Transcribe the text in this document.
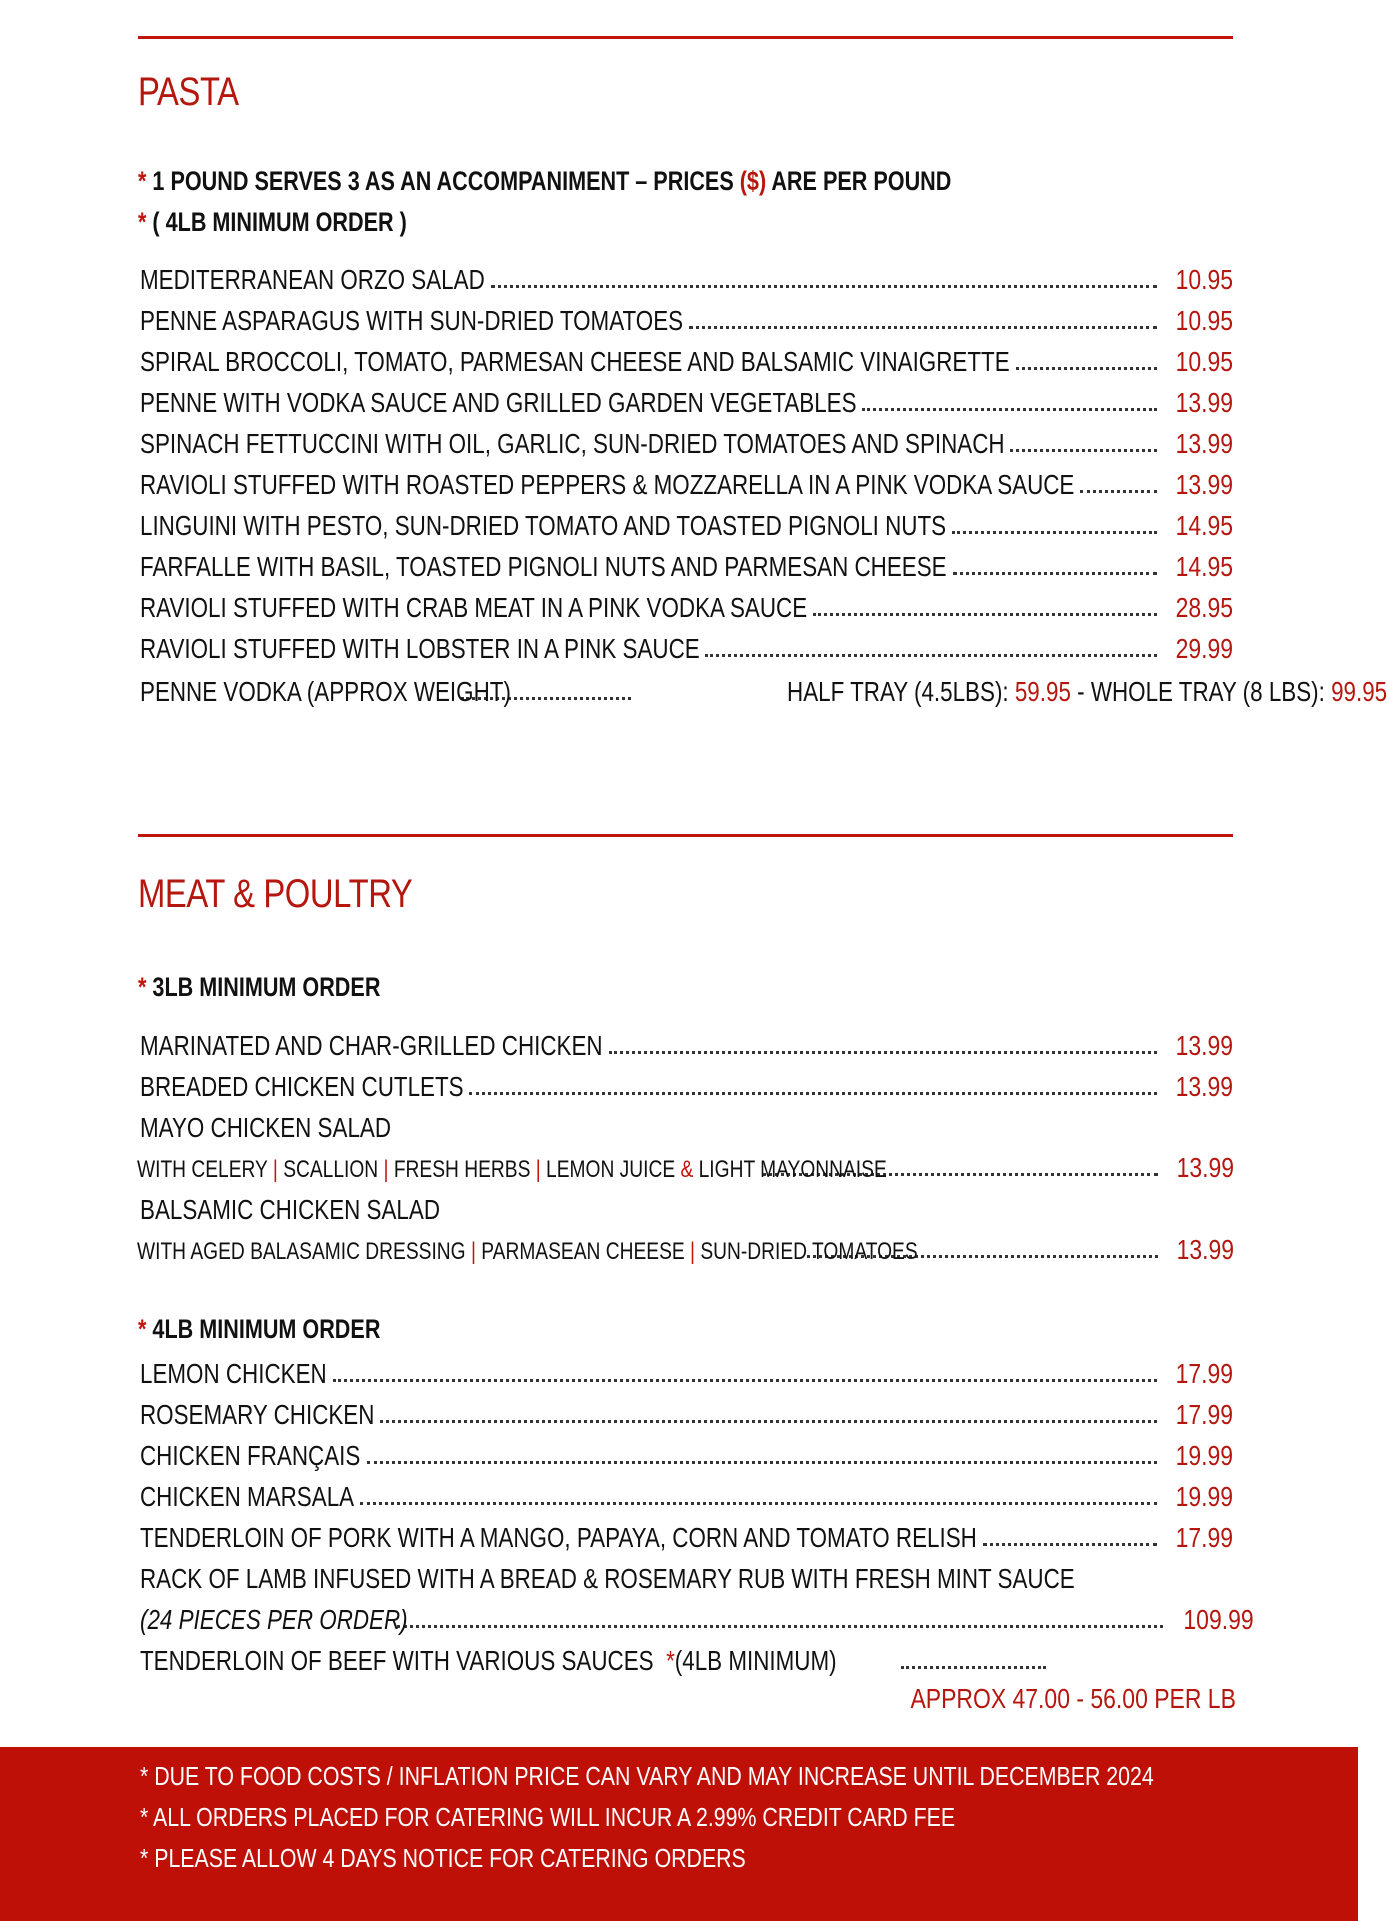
PASTA
* 1 POUND SERVES 3 AS AN ACCOMPANIMENT – PRICES ($) ARE PER POUND
* ( 4LB MINIMUM ORDER )
MEDITERRANEAN ORZO SALAD	10.95
PENNE ASPARAGUS WITH SUN-DRIED TOMATOES	10.95
SPIRAL BROCCOLI, TOMATO, PARMESAN CHEESE AND BALSAMIC VINAIGRETTE	10.95
PENNE WITH VODKA SAUCE AND GRILLED GARDEN VEGETABLES	13.99
SPINACH FETTUCCINI WITH OIL, GARLIC, SUN-DRIED TOMATOES AND SPINACH	13.99
RAVIOLI STUFFED WITH ROASTED PEPPERS & MOZZARELLA IN A PINK VODKA SAUCE	13.99
LINGUINI WITH PESTO, SUN-DRIED TOMATO AND TOASTED PIGNOLI NUTS	14.95
FARFALLE WITH BASIL, TOASTED PIGNOLI NUTS AND PARMESAN CHEESE	14.95
RAVIOLI STUFFED WITH CRAB MEAT IN A PINK VODKA SAUCE	28.95
RAVIOLI STUFFED WITH LOBSTER IN A PINK SAUCE	29.99
PENNE VODKA (APPROX WEIGHT)	HALF TRAY (4.5LBS): 59.95 - WHOLE TRAY (8 LBS): 99.95
MEAT & POULTRY
* 3LB MINIMUM ORDER
MARINATED AND CHAR-GRILLED CHICKEN	13.99
BREADED CHICKEN CUTLETS	13.99
MAYO CHICKEN SALAD
WITH CELERY | SCALLION | FRESH HERBS | LEMON JUICE & LIGHT MAYONNAISE	13.99
BALSAMIC CHICKEN SALAD
WITH AGED BALASAMIC DRESSING | PARMASEAN CHEESE | SUN-DRIED TOMATOES	13.99
* 4LB MINIMUM ORDER
LEMON CHICKEN	17.99
ROSEMARY CHICKEN	17.99
CHICKEN FRANÇAIS	19.99
CHICKEN MARSALA	19.99
TENDERLOIN OF PORK WITH A MANGO, PAPAYA, CORN AND TOMATO RELISH	17.99
RACK OF LAMB INFUSED WITH A BREAD & ROSEMARY RUB WITH FRESH MINT SAUCE
(24 PIECES PER ORDER)	109.99
TENDERLOIN OF BEEF WITH VARIOUS SAUCES *(4LB MINIMUM)
APPROX 47.00 - 56.00 PER LB
* DUE TO FOOD COSTS / INFLATION PRICE CAN VARY AND MAY INCREASE UNTIL DECEMBER 2024
* ALL ORDERS PLACED FOR CATERING WILL INCUR A 2.99% CREDIT CARD FEE
* PLEASE ALLOW 4 DAYS NOTICE FOR CATERING ORDERS
